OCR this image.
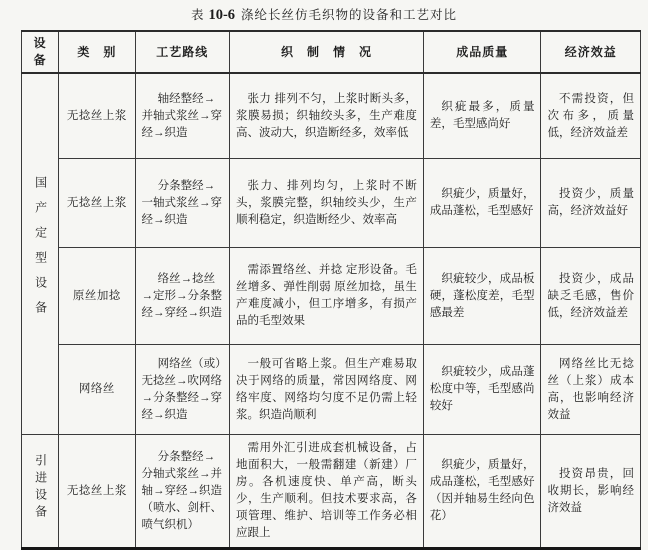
表 10-6 涤纶长丝仿毛织物的设备和工艺对比
设备	类　别	工艺路线	织　制　情　况	成品质量	经济效益
国产定型设备	无捻丝上浆	轴经整经→并轴式浆丝→穿经→织造	张力 排列不匀，上浆时断头多，浆膜易损；织轴绞头多，生产难度高、波动大，织造断经多，效率低	织疵最多，质量差，毛型感尚好	不需投资，但次布多，质量低，经济效益差
	无捻丝上浆	分条整经→一轴式浆丝→穿经→织造	张力、排列均匀，上浆时不断头，浆膜完整，织轴绞头少，生产顺利稳定，织造断经少、效率高	织疵少，质量好，成品蓬松，毛型感好	投资少，质量高，经济效益好
	原丝加捻	络丝→捻丝→定形→分条整经→穿经→织造	需添置络丝、并捻 定形设备。毛丝增多、弹性削弱 原丝加捻，虽生产难度减小，但工序增多，有损产品的毛型效果	织疵较少，成品板硬，蓬松度差，毛型感最差	投资少，成品缺乏毛感，售价低，经济效益差
	网络丝	网络丝（或）无捻丝→吹网络→分条整经→穿经→织造	一般可省略上浆。但生产难易取决于网络的质量，常因网络度、网络牢度、网络均匀度不足仍需上轻浆。织造尚顺利	织疵较少，成品蓬松度中等，毛型感尚较好	网络丝比无捻丝（上浆）成本高，也影响经济效益
引进设备	无捻丝上浆	分条整经→分轴式浆丝→并轴→穿经→织造（喷水、剑杆、喷气织机）	需用外汇引进成套机械设备，占地面积大，一般需翻建（新建）厂房。各机速度快、单产高，断头少，生产顺利。但技术要求高，各项管理、维护、培训等工作务必相应跟上	织疵少，质量好，成品蓬松，毛型感好（因并轴易生经向色花）	投资昂贵，回收期长，影响经济效益
